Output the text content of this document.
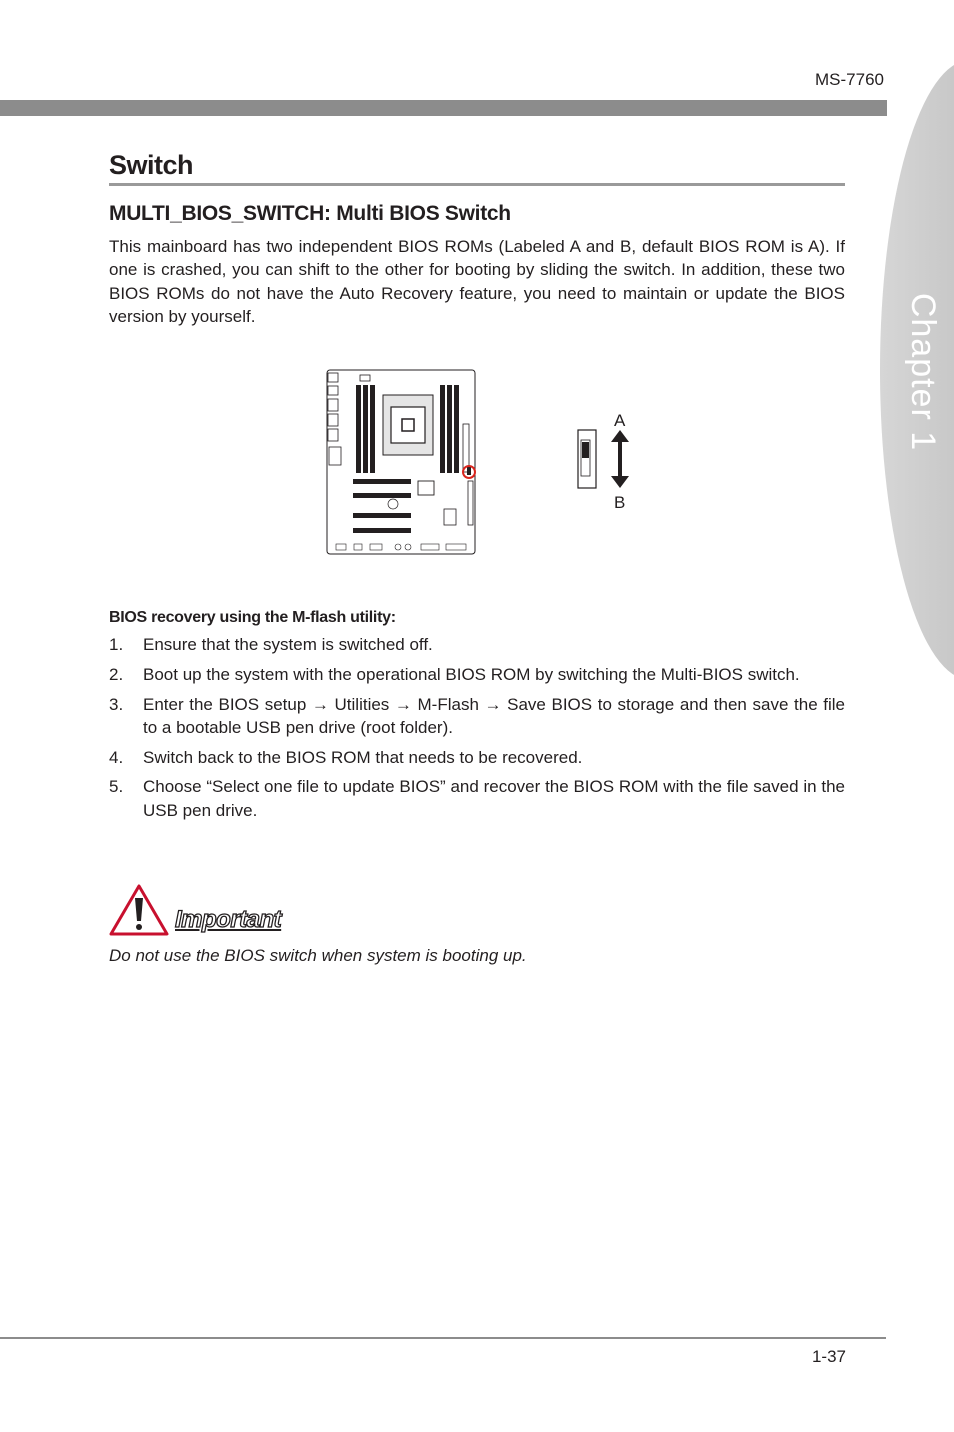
MS-7760
Chapter 1
Switch
MULTI_BIOS_SWITCH: Multi BIOS Switch
This mainboard has two independent BIOS ROMs (Labeled A and B, default BIOS ROM is A). If one is crashed, you can shift to the other for booting by sliding the switch. In addition, these two BIOS ROMs do not have the Auto Recovery feature, you need to maintain or update the BIOS version by yourself.
A
B
BIOS recovery using the M-flash utility:
1. Ensure that the system is switched off.
2. Boot up the system with the operational BIOS ROM by switching the Multi-BIOS switch.
3. Enter the BIOS setup → Utilities → M-Flash → Save BIOS to storage and then save the file to a bootable USB pen drive (root folder).
4. Switch back to the BIOS ROM that needs to be recovered.
5. Choose “Select one file to update BIOS” and recover the BIOS ROM with the file saved in the USB pen drive.
Important
Do not use the BIOS switch when system is booting up.
1-37
